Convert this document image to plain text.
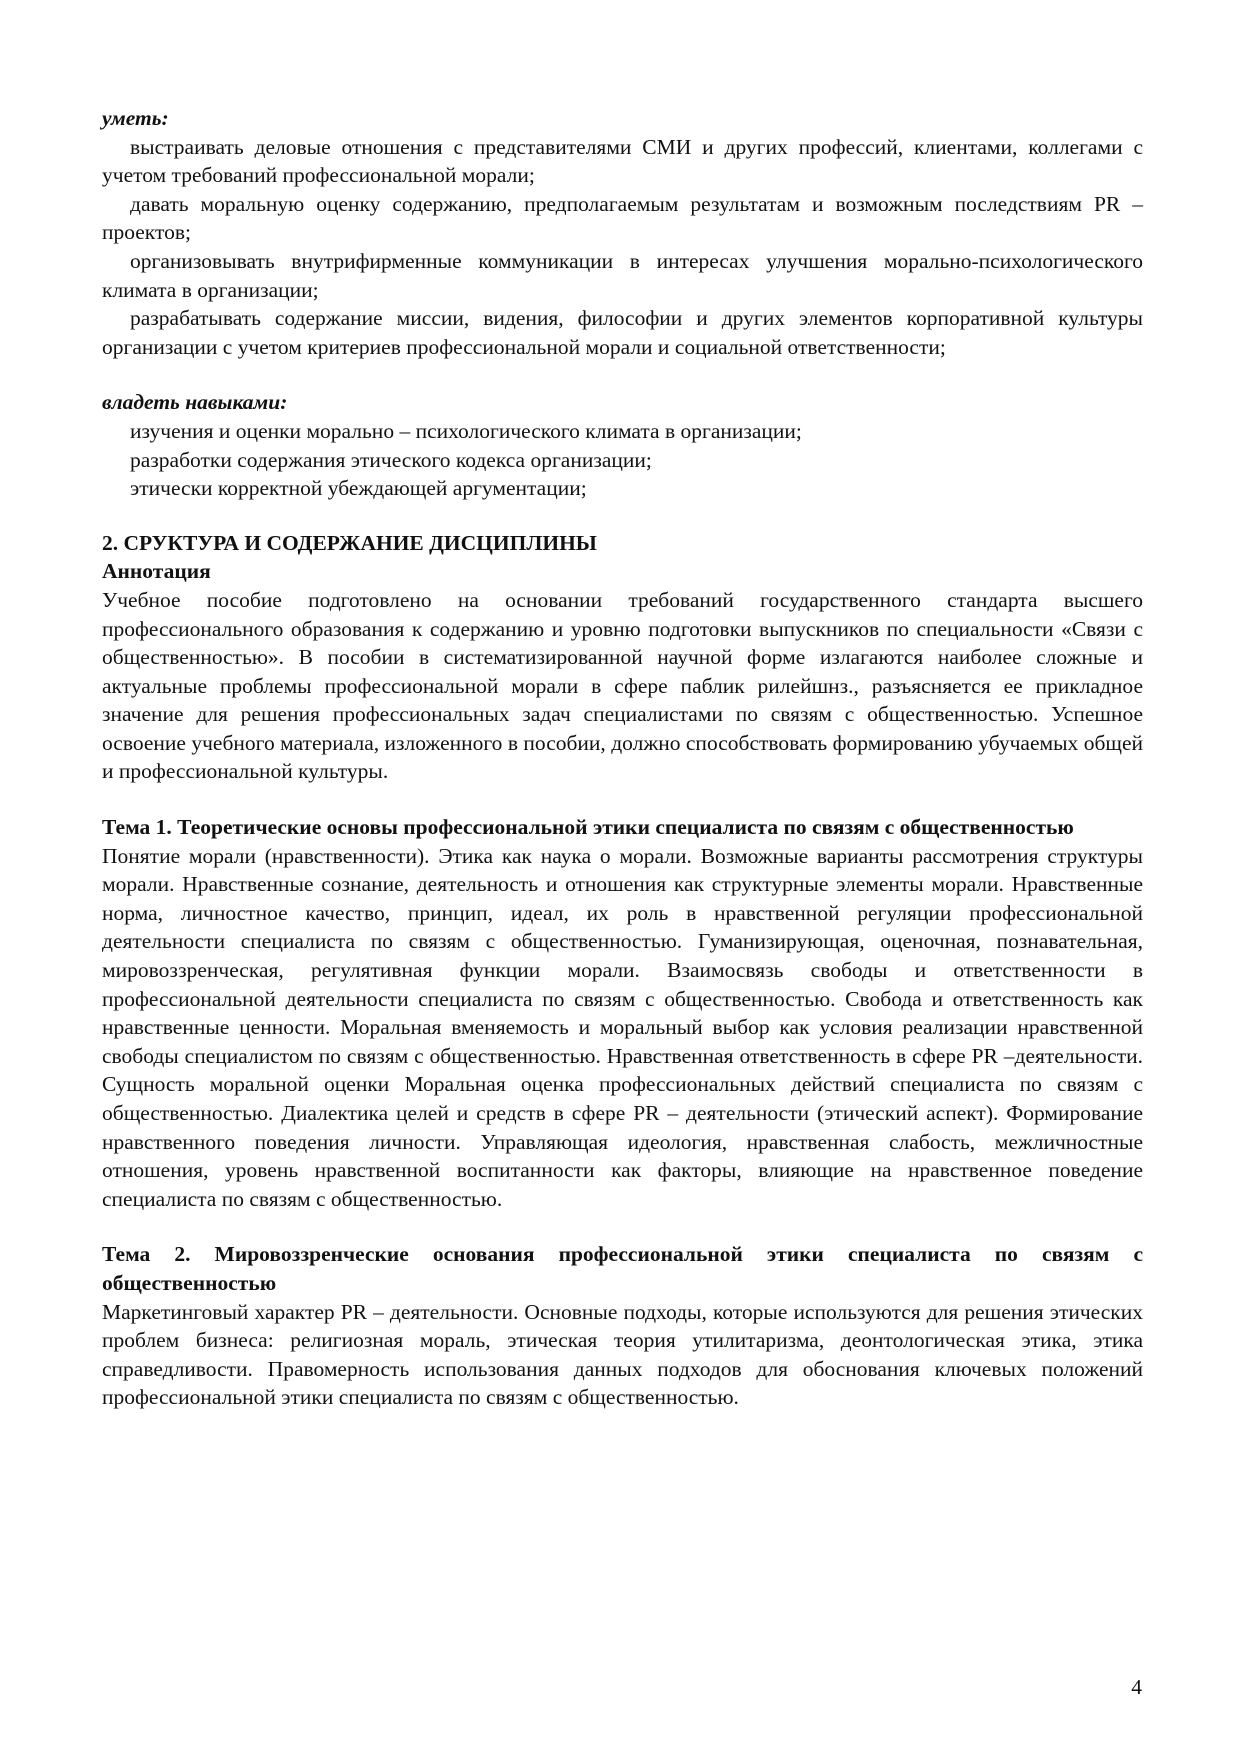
уметь:

выстраивать деловые отношения с представителями СМИ и других профессий, клиентами, коллегами с учетом требований профессиональной морали;

давать моральную оценку содержанию, предполагаемым результатам и возможным последствиям PR – проектов;

организовывать внутрифирменные коммуникации в интересах улучшения морально-психологического климата в организации;

разрабатывать содержание миссии, видения, философии и других элементов корпоративной культуры организации с учетом критериев профессиональной морали и социальной ответственности;

владеть навыками:

изучения и оценки морально – психологического климата в организации;

разработки содержания этического кодекса организации;

этически корректной убеждающей аргументации;

2. СРУКТУРА И СОДЕРЖАНИЕ ДИСЦИПЛИНЫ
Аннотация

Учебное пособие подготовлено на основании требований государственного стандарта высшего профессионального образования к содержанию и уровню подготовки выпускников по специальности «Связи с общественностью». В пособии в систематизированной научной форме излагаются наиболее сложные и актуальные проблемы профессиональной морали в сфере паблик рилейшнз., разъясняется ее прикладное значение для решения профессиональных задач специалистами по связям с общественностью. Успешное освоение учебного материала, изложенного в пособии, должно способствовать формированию убучаемых общей и профессиональной культуры.

Тема 1. Теоретические основы профессиональной этики специалиста по связям с общественностью

Понятие морали (нравственности). Этика как наука о морали. Возможные варианты рассмотрения структуры морали. Нравственные сознание, деятельность и отношения как структурные элементы морали. Нравственные норма, личностное качество, принцип, идеал, их роль в нравственной регуляции профессиональной деятельности специалиста по связям с общественностью. Гуманизирующая, оценочная, познавательная, мировоззренческая, регулятивная функции морали. Взаимосвязь свободы и ответственности в профессиональной деятельности специалиста по связям с общественностью. Свобода и ответственность как нравственные ценности. Моральная вменяемость и моральный выбор как условия реализации нравственной свободы специалистом по связям с общественностью. Нравственная ответственность в сфере PR –деятельности. Сущность моральной оценки Моральная оценка профессиональных действий специалиста по связям с общественностью. Диалектика целей и средств в сфере PR – деятельности (этический аспект). Формирование нравственного поведения личности. Управляющая идеология, нравственная слабость, межличностные отношения, уровень нравственной воспитанности как факторы, влияющие на нравственное поведение специалиста по связям с общественностью.

Тема 2. Мировоззренческие основания профессиональной этики специалиста по связям с общественностью

Маркетинговый характер PR – деятельности. Основные подходы, которые используются для решения этических проблем бизнеса: религиозная мораль, этическая теория утилитаризма, деонтологическая этика, этика справедливости. Правомерность использования данных подходов для обоснования ключевых положений профессиональной этики специалиста по связям с общественностью.

4
